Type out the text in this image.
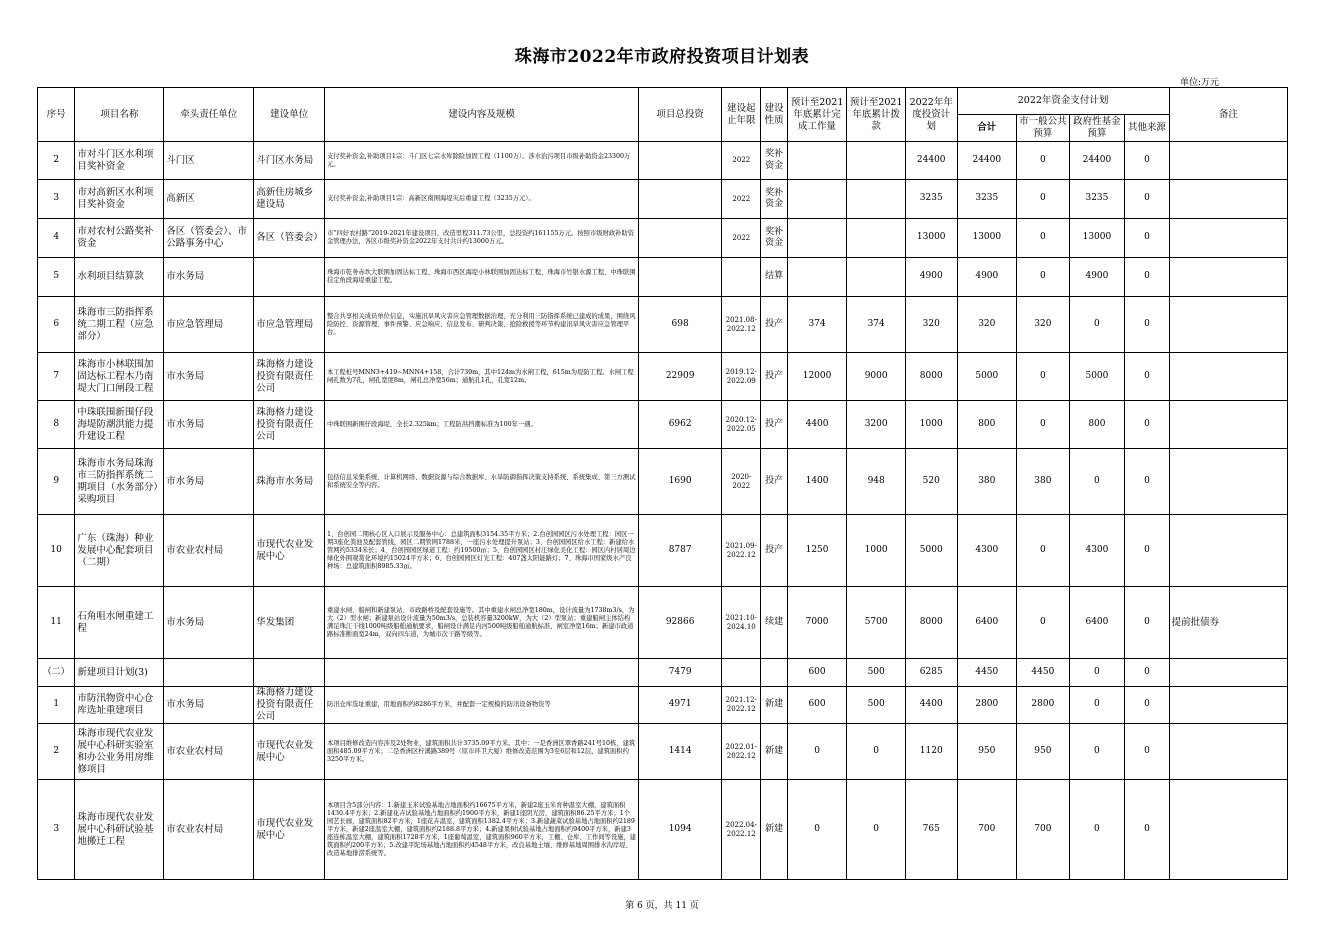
珠海市2022年市政府投资项目计划表
单位:万元
序号	项目名称	牵头责任单位	建设单位	建设内容及规模	项目总投资	建设起止年限	建设性质	预计至2021年底累计完成工作量	预计至2021年底累计拨款	2022年年度投资计划	2022年资金支付计划				备注
											合计	市一般公共预算	政府性基金预算	其他来源	
2	市对斗门区水利项目奖补资金	斗门区	斗门区水务局	支付奖补资金,补助项目1宗：斗门区七宗水库除险加固工程（1100万）。涉水治污项目市级补助资金23300万元。		2022	奖补资金			24400	24400	0	24400	0	
3	市对高新区水利项目奖补资金	高新区	高新住房城乡建设局	支付奖补资金,补助项目1宗：高新区南围海堤灾后重建工程（3235万元）。		2022	奖补资金			3235	3235	0	3235	0	
4	市对农村公路奖补资金	各区（管委会）、市公路事务中心	各区（管委会）	市“四好农村路”2019-2021年建设项目，改造里程311.73公里，总投资约161155万元。按照市级财政补助资金管理办法，各区市级奖补资金2022年支付共计约13000万元。		2022	奖补资金			13000	13000	0	13000	0	
5	水利项目结算款	市水务局		珠海市乾务赤坎大联围加固达标工程、珠海市西区海堤小林联围加固达标工程、珠海市竹银水源工程、中珠联围挂定角段海堤重建工程。			结算			4900	4900	0	4900	0	
6	珠海市三防指挥系统二期工程（应急部分）	市应急管理局	市应急管理局	整合共享相关成员单位信息，实施汛旱风灾害应急管理数据治理，充分利用三防指挥系统已建成的成果，围绕风险防控、资源管理、事件预警、应急响应、信息发布、研判决策、抢险救援等环节构建汛旱风灾害应急管理平台。	698	2021.08-2022.12	投产	374	374	320	320	320	0	0	
7	珠海市小林联围加固达标工程木乃南堤大门口闸段工程	市水务局	珠海格力建设投资有限责任公司	本工程桩号MNN3+419~MNN4+158，合计739m，其中124m为水闸工程，615m为堤防工程。水闸工程闸孔数为7孔，闸孔宽度8m，闸孔总净宽56m；通航孔1孔，孔宽12m。	22909	2019.12-2022.09	投产	12000	9000	8000	5000	0	5000	0	
8	中珠联围新围仔段海堤防潮洪能力提升建设工程	市水务局	珠海格力建设投资有限责任公司	中珠联围新围仔段海堤，全长2.325km；工程防洪挡潮标准为100年一遇。	6962	2020.12-2022.05	投产	4400	3200	1000	800	0	800	0	
9	珠海市水务局珠海市三防指挥系统二期项目（水务部分）采购项目	市水务局	珠海市水务局	包括信息采集系统、计算机网络、数据资源与综合数据库、水旱防御指挥决策支持系统、系统集成、第三方测试和系统安全等内容。	1690	2020-2022	投产	1400	948	520	380	380	0	0	
10	广东（珠海）种业发展中心配套项目（二期）	市农业农村局	市现代农业发展中心	1、台创园二期核心区入口展示及服务中心：总建筑面积3154.35平方米；2.台创园园区污水处理工程：园区一期3座化粪池及配套管线，园区二期管网1788米，一座污水处理提升泵站；3、台创园园区给水工程：新建给水管网约5334米长；4、台创园园区绿道工程：约19500㎡；5、台创园园区村庄绿化美化工程：园区内村居周边绿化外围观赏化环境约15024平方米；6、台创园园区灯光工程：407盏太阳能路灯；7、珠海市国家级水产良种场：总建筑面积8985.33㎡。	8787	2021.09-2022.12	投产	1250	1000	5000	4300	0	4300	0	
11	石角咀水闸重建工程	市水务局	华发集团	重建水闸、船闸和新建泵站、市政路桥及配套设施等。其中重建水闸总净宽180m，设计流量为1738m3/s，为大（2）型水闸；新建泵站设计流量为50m3/s，总装机容量3200kW，为大（2）型泵站；重建船闸主体结构满足珠江干线1000吨级船舶通航要求，船闸设计满足内河500吨级船舶通航标准，闸室净宽16m；新建市政道路标准断面宽24m，双向四车道，为城市次干路等级等。	92866	2021.10-2024.10	续建	7000	5700	8000	6400	0	6400	0	提前批债券
（二）	新建项目计划(3)				7479			600	500	6285	4450	4450	0	0	
1	市防汛物资中心仓库选址重建项目	市水务局	珠海格力建设投资有限责任公司	防汛仓库选址重建，用地面积约8286平方米，并配套一定规模的防汛设备物资等	4971	2021.12-2022.12	新建	600	500	4400	2800	2800	0	0	
2	珠海市现代农业发展中心科研实验室和办公业务用房维修项目	市农业农村局	市现代农业发展中心	本项目维修改造内容涉及2处物业，建筑面积共计3735.09平方米。其中：一是香洲区翠香路241号10栋，建筑面积485.09平方米；二是香洲区柠溪路389号（原市环卫大厦）维修改造范围为3至6层和12层，建筑面积约3250平方米。	1414	2022.01-2022.12	新建	0	0	1120	950	950	0	0	
3	珠海市现代农业发展中心科研试验基地搬迁工程	市农业农村局	市现代农业发展中心	本项目含5部分内容：1.新建玉米试验基地占地面积约16675平方米，新建2座玉米育种温室大棚，建筑面积1430.4平方米；2.新建花卉试验基地占地面积约1900平方米，新建1座阴光房，建筑面积86.25平方米；1个园艺长廊，建筑面积82平方米，1座花卉温室，建筑面积1382.4平方米；3.新建蔬菜试验基地占地面积约2189平方米，新建2座温室大棚，建筑面积约2188.8平方米；4.新建果树试验基地占地面积约9400平方米，新建3座连栋温室大棚，建筑面积1728平方米，1座葡萄温室，建筑面积960平方米，工棚、仓库、工作间等设施，建筑面积约200平方米；5.改建平陀场基地占地面积约4548平方米，改良基地土壤、维修基地周围排水沟岸堤、改造基地排涝系统等。	1094	2022.04-2022.12	新建	0	0	765	700	700	0	0	
第 6 页，共 11 页
